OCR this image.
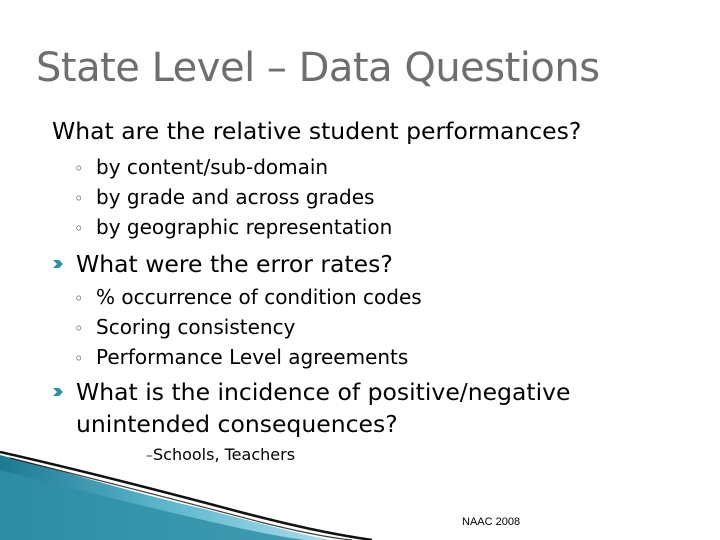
State Level – Data Questions
What are the relative student performances?
◦ by content/sub-domain
◦ by grade and across grades
◦ by geographic representation
What were the error rates?
◦ % occurrence of condition codes
◦ Scoring consistency
◦ Performance Level agreements
What is the incidence of positive/negative
unintended consequences?
–Schools, Teachers
NAAC 2008
